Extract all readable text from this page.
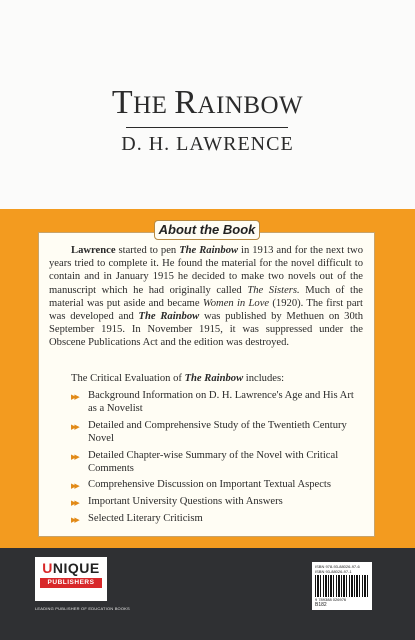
THE RAINBOW
D. H. LAWRENCE
About the Book
Lawrence started to pen The Rainbow in 1913 and for the next two years tried to complete it. He found the material for the novel difficult to contain and in January 1915 he decided to make two novels out of the manuscript which he had originally called The Sisters. Much of the material was put aside and became Women in Love (1920). The first part was developed and The Rainbow was published by Methuen on 30th September 1915. In November 1915, it was suppressed under the Obscene Publications Act and the edition was destroyed.
The Critical Evaluation of The Rainbow includes:
▶▶ Background Information on D. H. Lawrence's Age and His Art as a Novelist
▶▶ Detailed and Comprehensive Study of the Twentieth Century Novel
▶▶ Detailed Chapter-wise Summary of the Novel with Critical Comments
▶▶ Comprehensive Discussion on Important Textual Aspects
▶▶ Important University Questions with Answers
▶▶ Selected Literary Criticism
UNIQUE
PUBLISHERS
LEADING PUBLISHER OF EDUCATION BOOKS
ISBN 978-93-88026-97-6
ISBN 93-88026-97-1
9 789388 026976
B182
